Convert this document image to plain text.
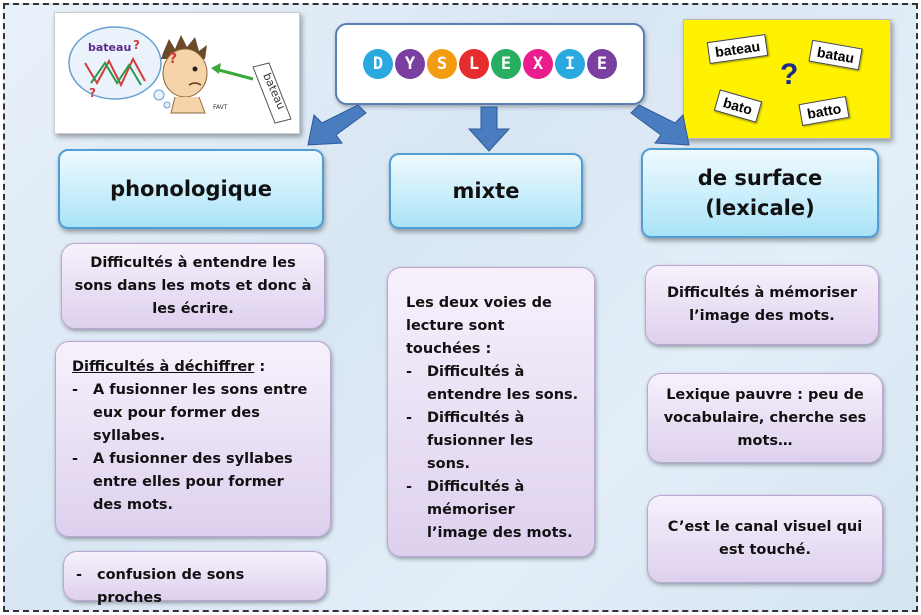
?
?
bateau
?
bateau
FAVT
D	Y	S	L	E	X	I	E
bateau	batau
bato	batto
?
phonologique	mixte
de surface
(lexicale)
Difficultés à entendre les sons dans les mots et donc à les écrire.
Difficultés à déchiffrer :
- A fusionner les sons entre eux pour former des syllabes.
- A fusionner des syllabes entre elles pour former des mots.
- confusion de sons proches
Les deux voies de lecture sont touchées :
- Difficultés à entendre les sons.
- Difficultés à fusionner les sons.
- Difficultés à mémoriser l’image des mots.
Difficultés à mémoriser l’image des mots.
Lexique pauvre : peu de vocabulaire, cherche ses mots…
C’est le canal visuel qui est touché.
